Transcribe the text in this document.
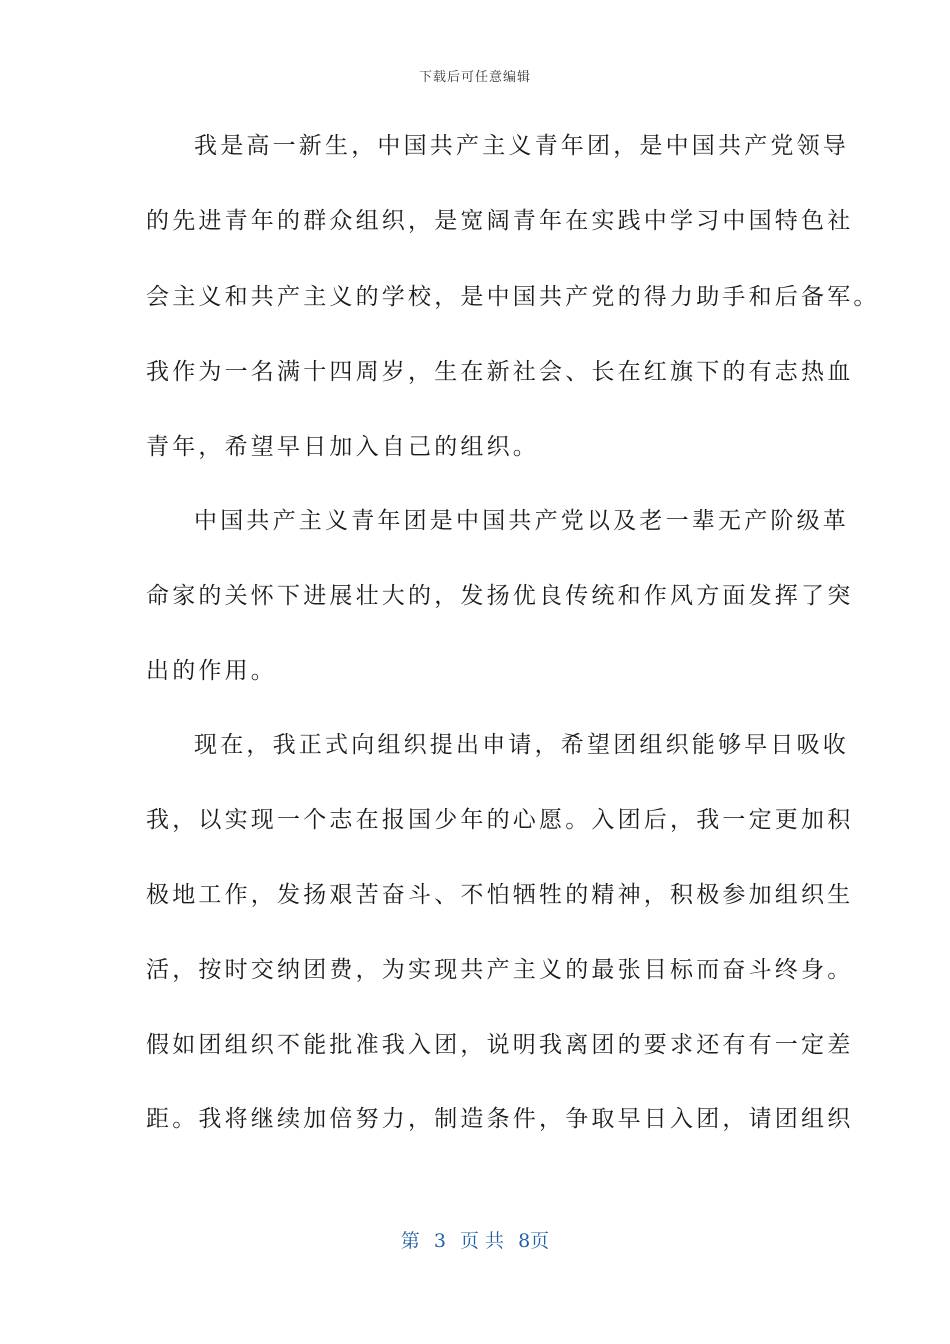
下载后可任意编辑
我是高一新生，中国共产主义青年团，是中国共产党领导
的先进青年的群众组织，是宽阔青年在实践中学习中国特色社
会主义和共产主义的学校，是中国共产党的得力助手和后备军。
我作为一名满十四周岁，生在新社会、长在红旗下的有志热血
青年，希望早日加入自己的组织。
中国共产主义青年团是中国共产党以及老一辈无产阶级革
命家的关怀下进展壮大的，发扬优良传统和作风方面发挥了突
出的作用。
现在，我正式向组织提出申请，希望团组织能够早日吸收
我，以实现一个志在报国少年的心愿。入团后，我一定更加积
极地工作，发扬艰苦奋斗、不怕牺牲的精神，积极参加组织生
活，按时交纳团费，为实现共产主义的最张目标而奋斗终身。
假如团组织不能批准我入团，说明我离团的要求还有有一定差
距。我将继续加倍努力，制造条件，争取早日入团，请团组织
第 3 页 共 8页
